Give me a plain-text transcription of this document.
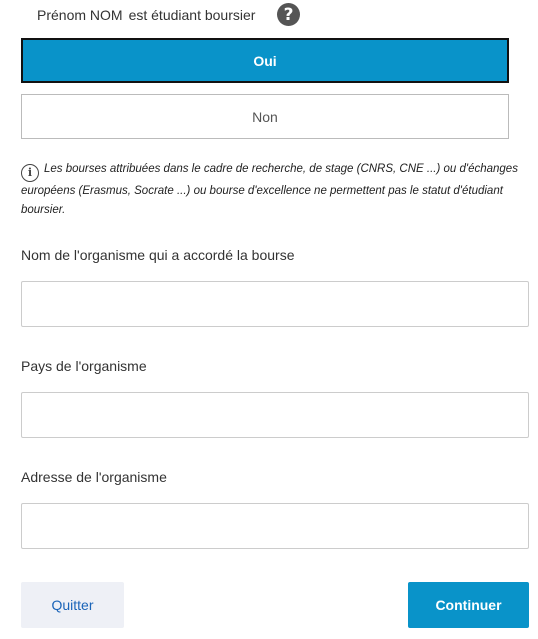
Prénom NOM est étudiant boursier	?
Oui
Non
i Les bourses attribuées dans le cadre de recherche, de stage (CNRS, CNE ...) ou d'échanges européens (Erasmus, Socrate ...) ou bourse d'excellence ne permettent pas le statut d'étudiant boursier.
Nom de l'organisme qui a accordé la bourse
Pays de l'organisme
Adresse de l'organisme
Quitter	Continuer
